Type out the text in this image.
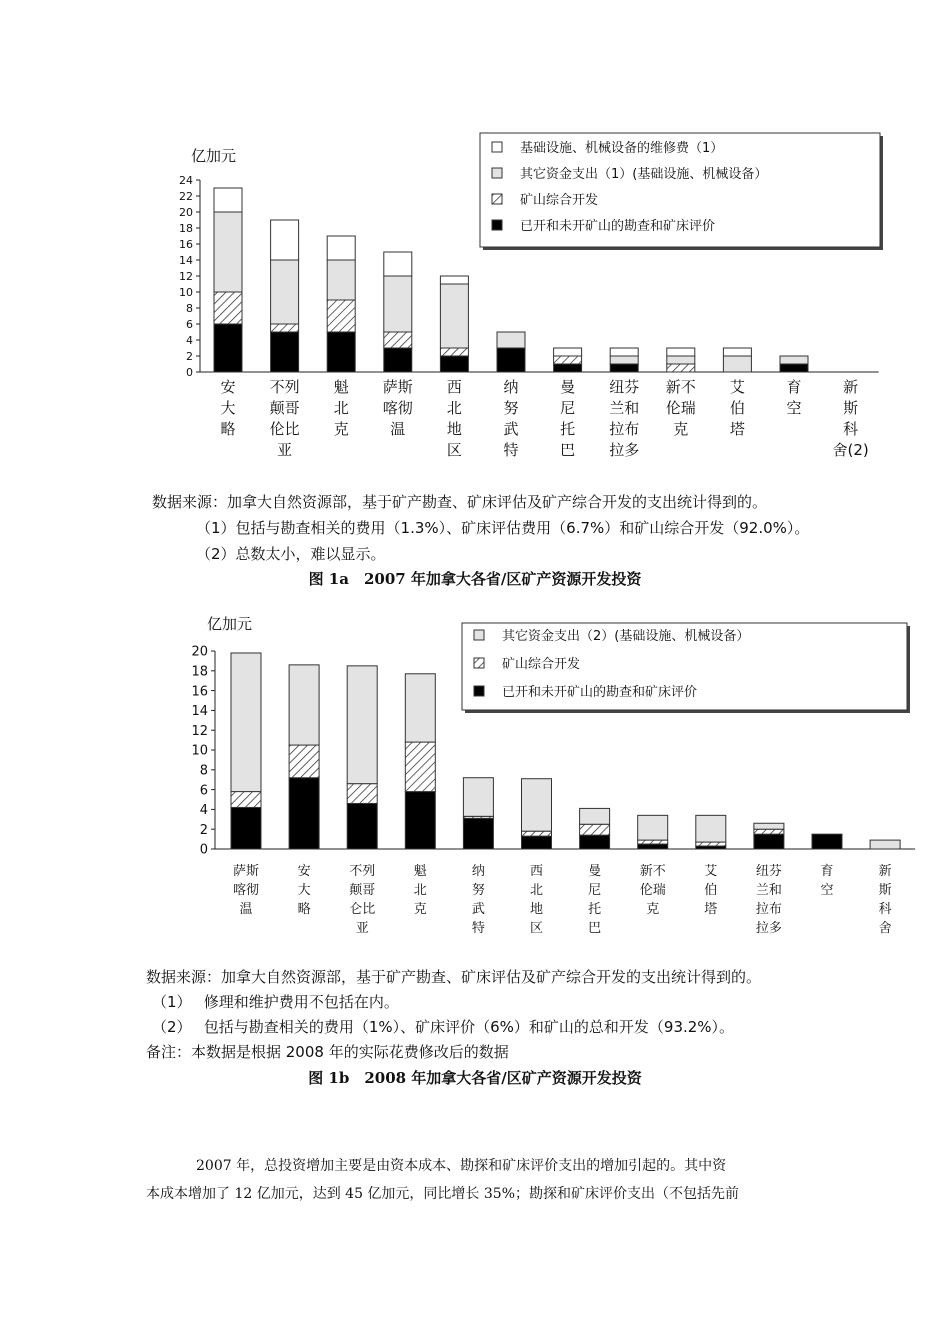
亿加元
0
2
4
6
8
10
12
14
16
18
20
22
24
安
大
略
不列
颠哥
伦比
亚
魁
北
克
萨斯
喀彻
温
西
北
地
区
纳
努
武
特
曼
尼
托
巴
纽芬
兰和
拉布
拉多
新不
伦瑞
克
艾
伯
塔
育
空
新
斯
科
舍(2)
基础设施、机械设备的维修费（1）
其它资金支出（1）(基础设施、机械设备）
矿山综合开发
已开和未开矿山的勘查和矿床评价
亿加元
0
2
4
6
8
10
12
14
16
18
20
萨斯
喀彻
温
安
大
略
不列
颠哥
仑比
亚
魁
北
克
纳
努
武
特
西
北
地
区
曼
尼
托
巴
新不
伦瑞
克
艾
伯
塔
纽芬
兰和
拉布
拉多
育
空
新
斯
科
舍
其它资金支出（2）(基础设施、机械设备）
矿山综合开发
已开和未开矿山的勘查和矿床评价
数据来源：加拿大自然资源部，基于矿产勘查、矿床评估及矿产综合开发的支出统计得到的。
（1）包括与勘查相关的费用（1.3%）、矿床评估费用（6.7%）和矿山综合开发（92.0%）。
（2）总数太小，难以显示。
图 1a　2007 年加拿大各省/区矿产资源开发投资
数据来源：加拿大自然资源部，基于矿产勘查、矿床评估及矿产综合开发的支出统计得到的。
（1）　 修理和维护费用不包括在内。
（2）　 包括与勘查相关的费用（1%）、矿床评价（6%）和矿山的总和开发（93.2%）。
备注：本数据是根据 2008 年的实际花费修改后的数据
图 1b　2008 年加拿大各省/区矿产资源开发投资
2007 年，总投资增加主要是由资本成本、勘探和矿床评价支出的增加引起的。其中资
本成本增加了 12 亿加元，达到 45 亿加元，同比增长 35%；勘探和矿床评价支出（不包括先前
